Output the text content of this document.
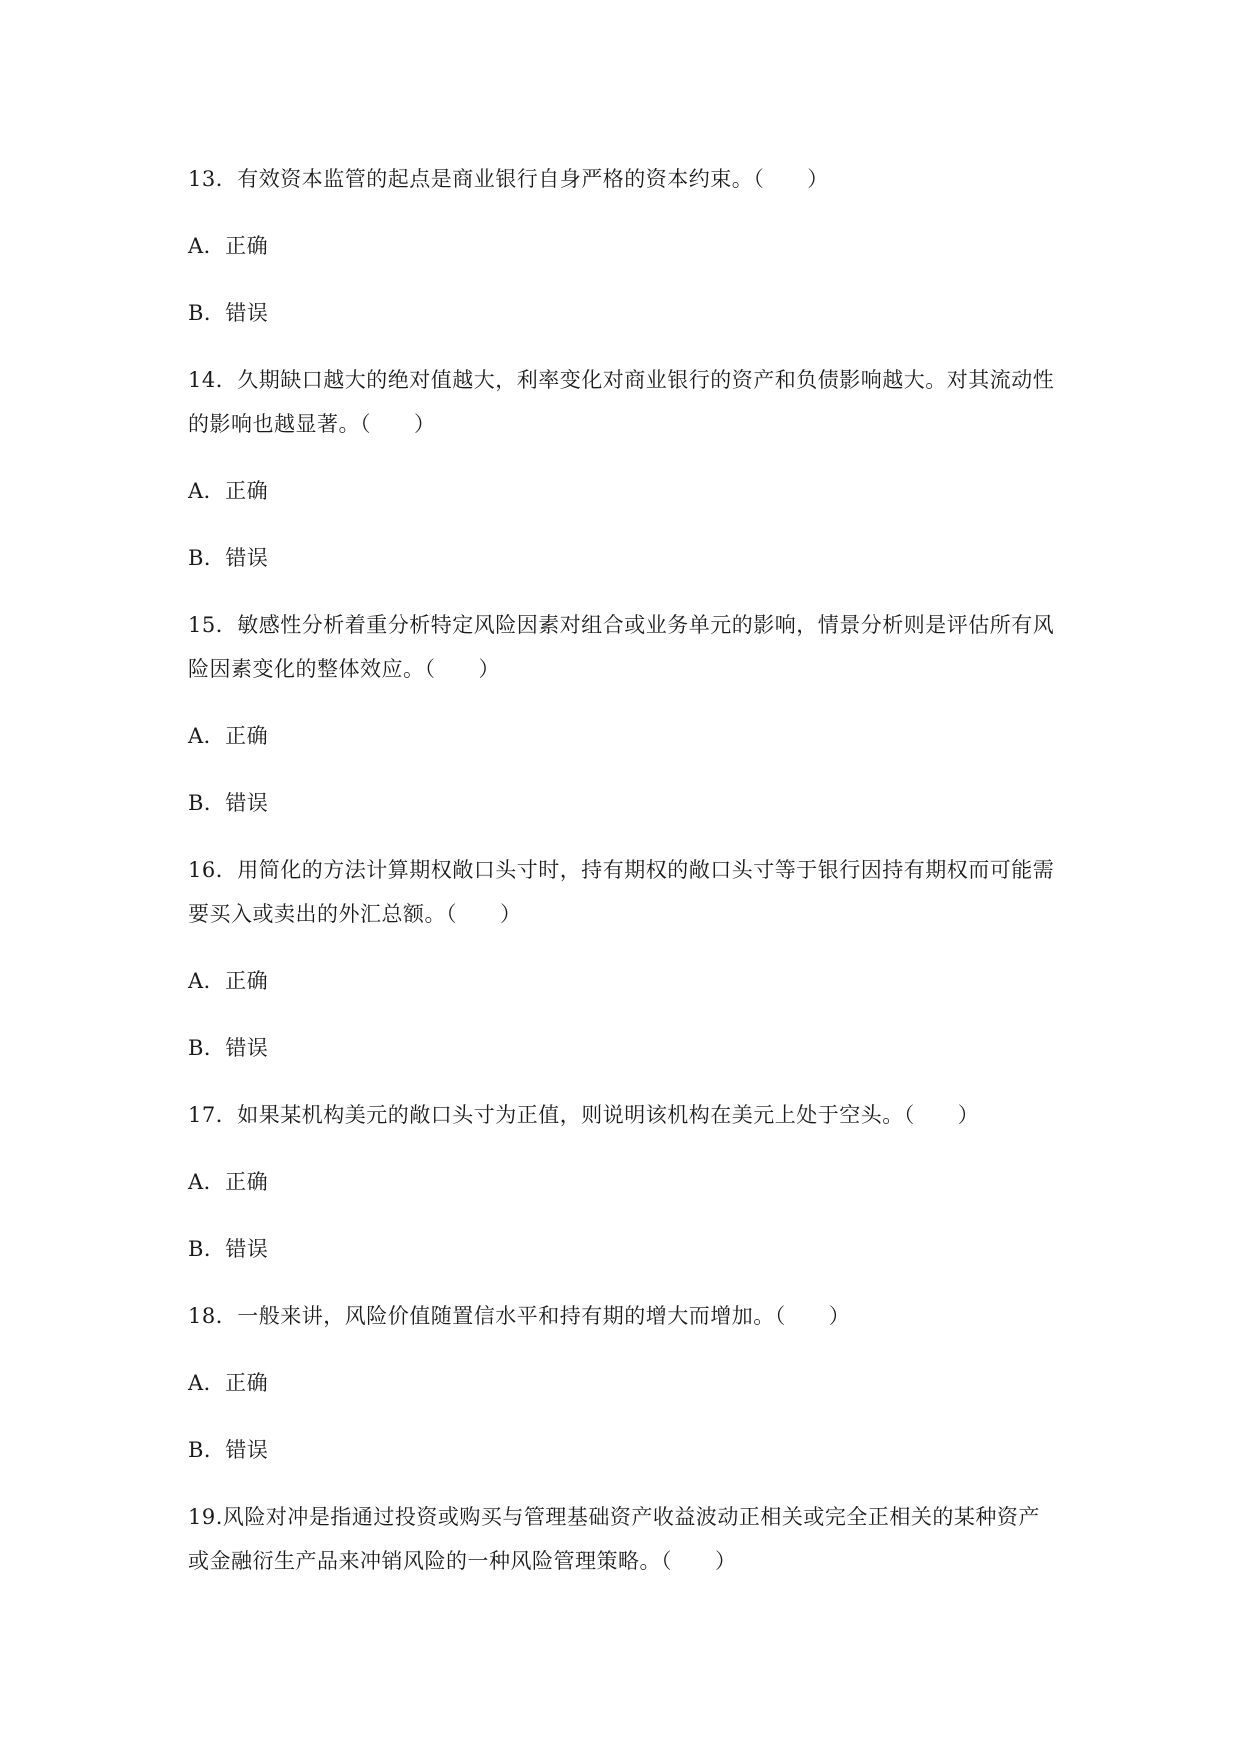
13．有效资本监管的起点是商业银行自身严格的资本约束。（　　）
A．正确
B．错误
14．久期缺口越大的绝对值越大，利率变化对商业银行的资产和负债影响越大。对其流动性
的影响也越显著。（　　）
A．正确
B．错误
15．敏感性分析着重分析特定风险因素对组合或业务单元的影响，情景分析则是评估所有风
险因素变化的整体效应。（　　）
A．正确
B．错误
16．用简化的方法计算期权敞口头寸时，持有期权的敞口头寸等于银行因持有期权而可能需
要买入或卖出的外汇总额。（　　）
A．正确
B．错误
17．如果某机构美元的敞口头寸为正值，则说明该机构在美元上处于空头。（　　）
A．正确
B．错误
18．一般来讲，风险价值随置信水平和持有期的增大而增加。（　　）
A．正确
B．错误
19.风险对冲是指通过投资或购买与管理基础资产收益波动正相关或完全正相关的某种资产
或金融衍生产品来冲销风险的一种风险管理策略。（　　）
